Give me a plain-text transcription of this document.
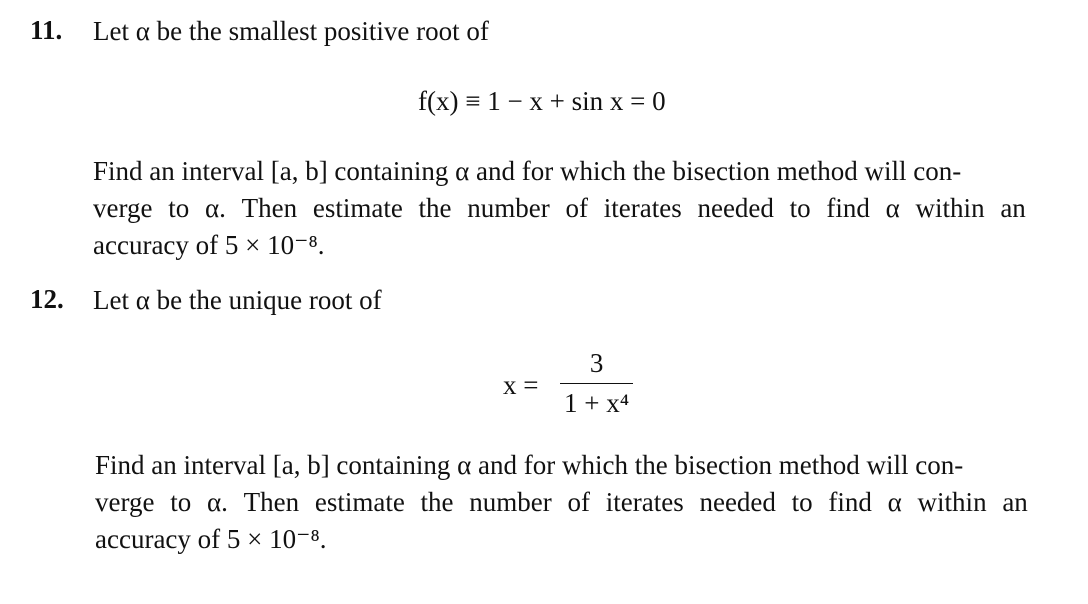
11. Let α be the smallest positive root of
f(x) ≡ 1 − x + sin x = 0
Find an interval [a, b] containing α and for which the bisection method will con-
verge to α. Then estimate the number of iterates needed to find α within an
accuracy of 5 × 10⁻⁸.
12. Let α be the unique root of
x =
3
1 + x⁴
Find an interval [a, b] containing α and for which the bisection method will con-
verge to α. Then estimate the number of iterates needed to find α within an
accuracy of 5 × 10⁻⁸.
